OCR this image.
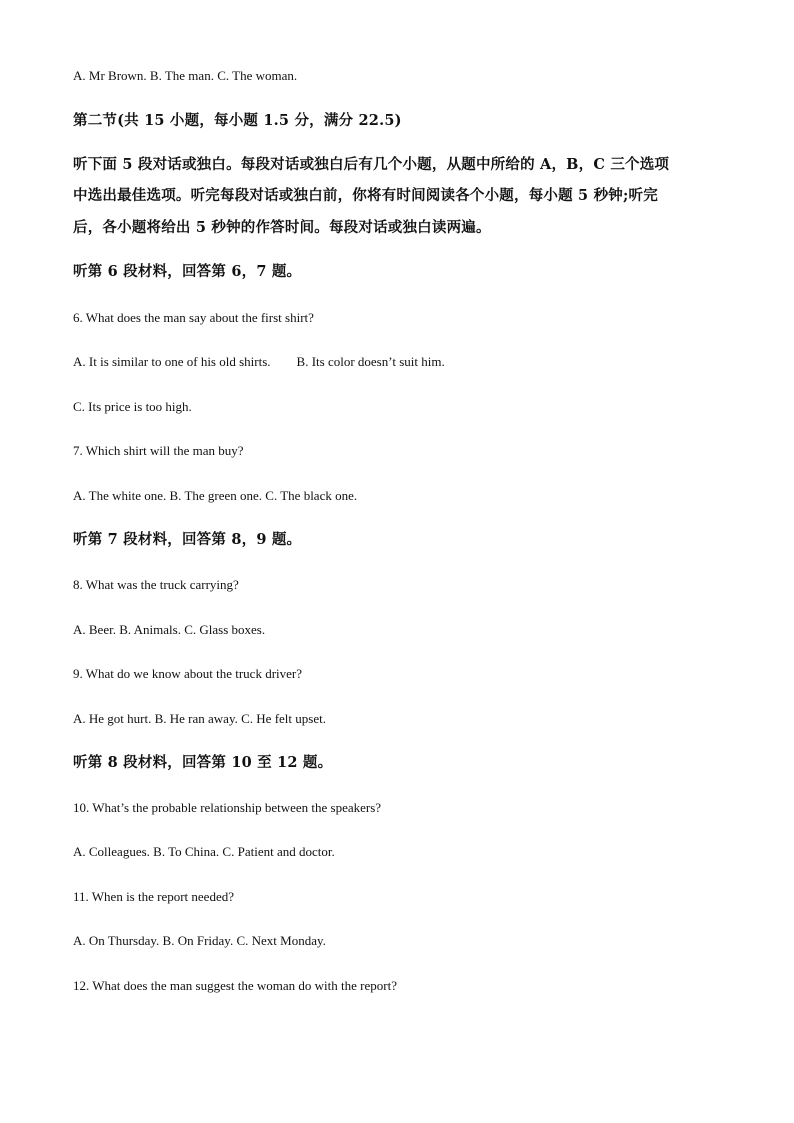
A. Mr Brown. B. The man. C. The woman.
第二节(共 15 小题，每小题 1.5 分，满分 22.5)
听下面 5 段对话或独白。每段对话或独白后有几个小题，从题中所给的 A，B，C 三个选项
中选出最佳选项。听完每段对话或独白前，你将有时间阅读各个小题，每小题 5 秒钟;听完
后，各小题将给出 5 秒钟的作答时间。每段对话或独白读两遍。
听第 6 段材料，回答第 6，7 题。
6. What does the man say about the first shirt?
A. It is similar to one of his old shirts. B. Its color doesn’t suit him.
C. Its price is too high.
7. Which shirt will the man buy?
A. The white one. B. The green one. C. The black one.
听第 7 段材料，回答第 8，9 题。
8. What was the truck carrying?
A. Beer. B. Animals. C. Glass boxes.
9. What do we know about the truck driver?
A. He got hurt. B. He ran away. C. He felt upset.
听第 8 段材料，回答第 10 至 12 题。
10. What’s the probable relationship between the speakers?
A. Colleagues. B. To China. C. Patient and doctor.
11. When is the report needed?
A. On Thursday. B. On Friday. C. Next Monday.
12. What does the man suggest the woman do with the report?
